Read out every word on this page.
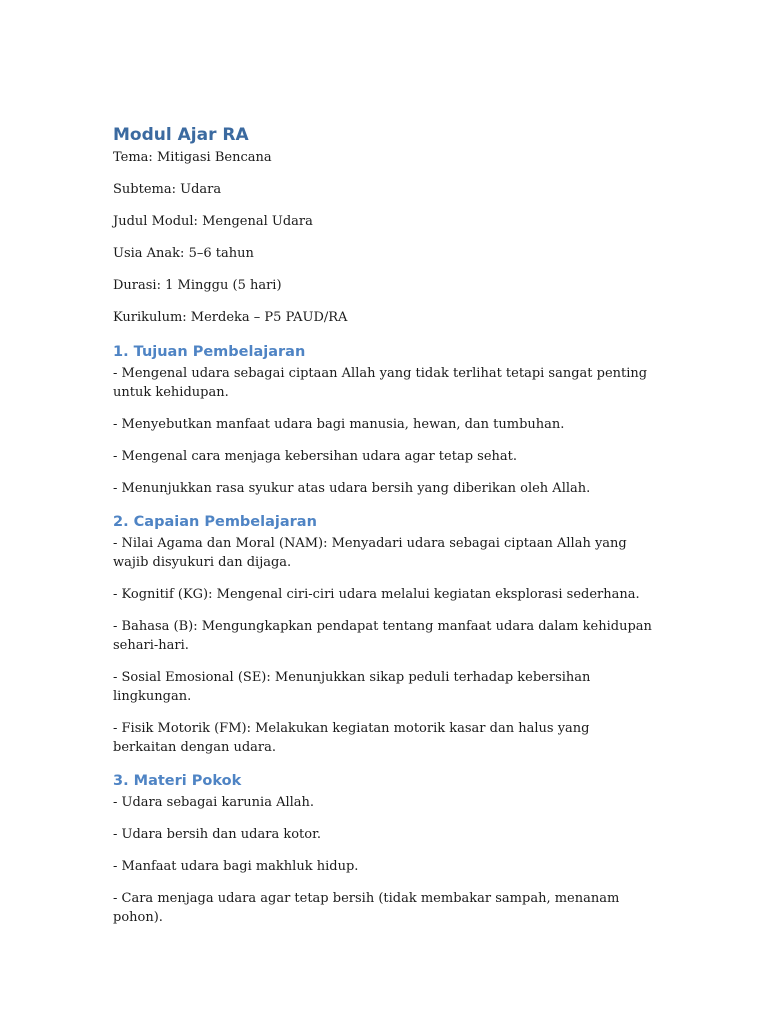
Modul Ajar RA

Tema: Mitigasi Bencana

Subtema: Udara

Judul Modul: Mengenal Udara

Usia Anak: 5–6 tahun

Durasi: 1 Minggu (5 hari)

Kurikulum: Merdeka – P5 PAUD/RA

1. Tujuan Pembelajaran

- Mengenal udara sebagai ciptaan Allah yang tidak terlihat tetapi sangat penting untuk kehidupan.

- Menyebutkan manfaat udara bagi manusia, hewan, dan tumbuhan.

- Mengenal cara menjaga kebersihan udara agar tetap sehat.

- Menunjukkan rasa syukur atas udara bersih yang diberikan oleh Allah.

2. Capaian Pembelajaran

- Nilai Agama dan Moral (NAM): Menyadari udara sebagai ciptaan Allah yang wajib disyukuri dan dijaga.

- Kognitif (KG): Mengenal ciri-ciri udara melalui kegiatan eksplorasi sederhana.

- Bahasa (B): Mengungkapkan pendapat tentang manfaat udara dalam kehidupan sehari-hari.

- Sosial Emosional (SE): Menunjukkan sikap peduli terhadap kebersihan lingkungan.

- Fisik Motorik (FM): Melakukan kegiatan motorik kasar dan halus yang berkaitan dengan udara.

3. Materi Pokok

- Udara sebagai karunia Allah.

- Udara bersih dan udara kotor.

- Manfaat udara bagi makhluk hidup.

- Cara menjaga udara agar tetap bersih (tidak membakar sampah, menanam pohon).
